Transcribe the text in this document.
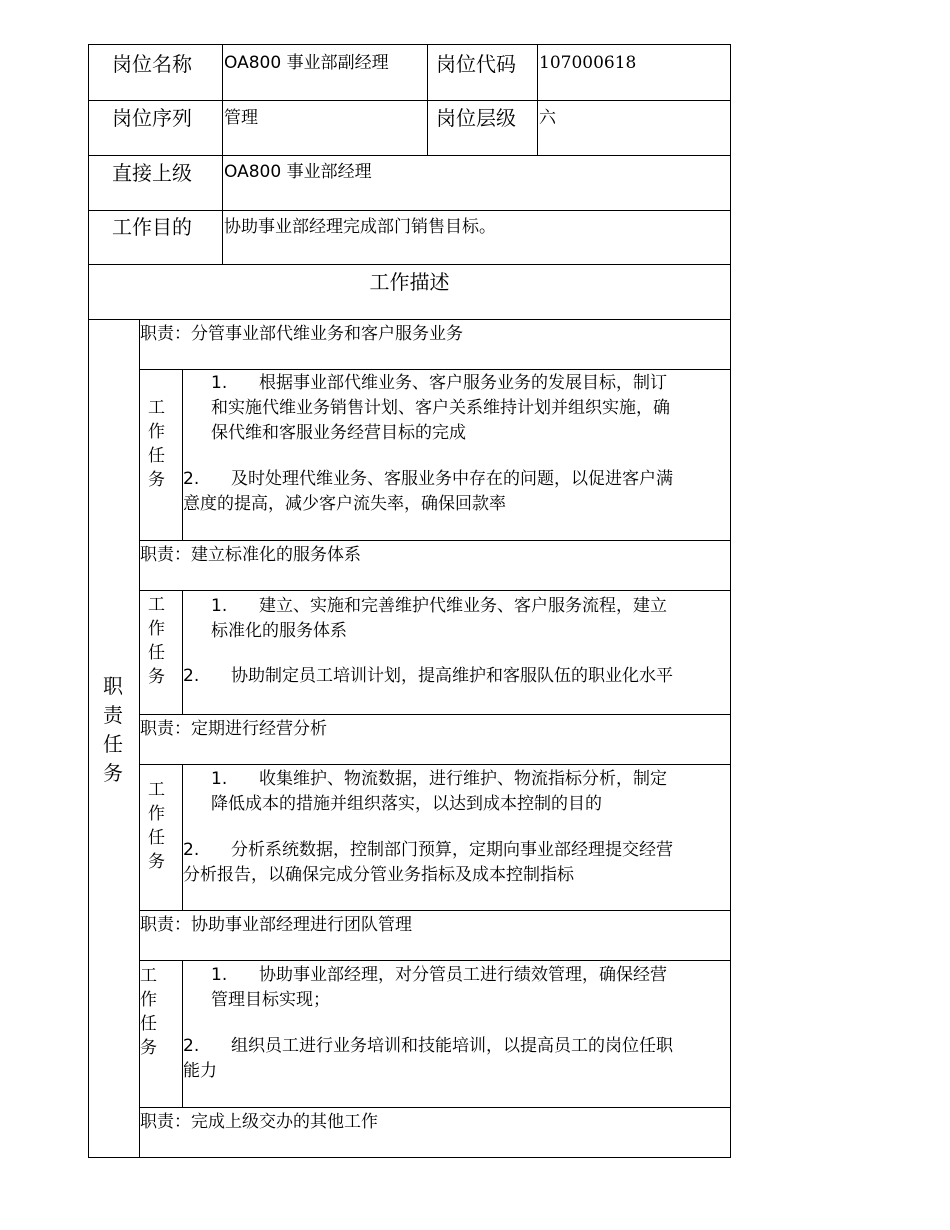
岗位名称 OA800 事业部副经理 岗位代码 107000618
岗位序列 管理	岗位层级 六
直接上级 OA800 事业部经理
工作目的 协助事业部经理完成部门销售目标。
工作描述
职
责
任
务
职责：分管事业部代维业务和客户服务业务
工
作
任
务
1. 根据事业部代维业务、客户服务业务的发展目标，制订
和实施代维业务销售计划、客户关系维持计划并组织实施，确
保代维和客服业务经营目标的完成
2. 及时处理代维业务、客服业务中存在的问题，以促进客户满
意度的提高，减少客户流失率，确保回款率
职责：建立标准化的服务体系
工
作
任
务
1. 建立、实施和完善维护代维业务、客户服务流程，建立
标准化的服务体系
2. 协助制定员工培训计划，提高维护和客服队伍的职业化水平
职责：定期进行经营分析
工
作
任
务
1. 收集维护、物流数据，进行维护、物流指标分析，制定
降低成本的措施并组织落实，以达到成本控制的目的
2. 分析系统数据，控制部门预算，定期向事业部经理提交经营
分析报告，以确保完成分管业务指标及成本控制指标
职责：协助事业部经理进行团队管理
工
作
任
务
1. 协助事业部经理，对分管员工进行绩效管理，确保经营
管理目标实现；
2. 组织员工进行业务培训和技能培训，以提高员工的岗位任职
能力
职责：完成上级交办的其他工作
